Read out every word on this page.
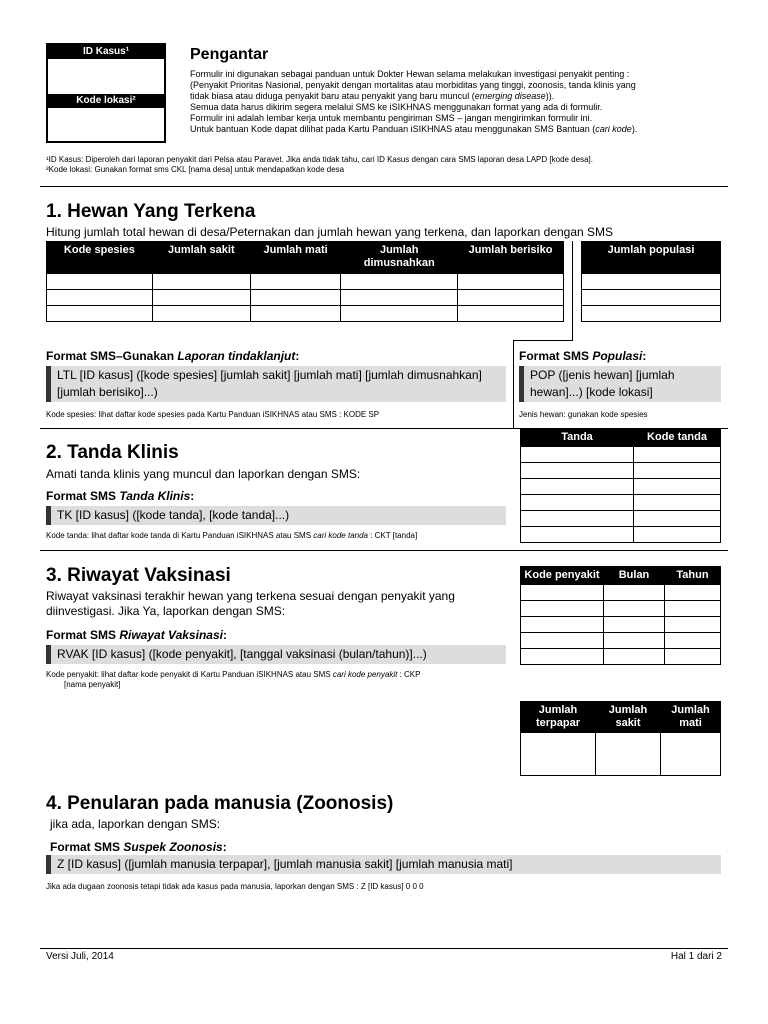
ID Kasus¹
Kode lokasi²
Pengantar
Formulir ini digunakan sebagai panduan untuk Dokter Hewan selama melakukan investigasi penyakit penting :
(Penyakit Prioritas Nasional, penyakit dengan mortalitas atau morbiditas yang tinggi, zoonosis, tanda klinis yang
tidak biasa atau diduga penyakit baru atau penyakit yang baru muncul (emerging disease)).
Semua data harus dikirim segera melalui SMS ke iSIKHNAS menggunakan format yang ada di formulir.
Formulir ini adalah lembar kerja untuk membantu pengiriman SMS – jangan mengirimkan formulir ini.
Untuk bantuan Kode dapat dilihat pada Kartu Panduan iSIKHNAS atau menggunakan SMS Bantuan (cari kode).
¹ID Kasus: Diperoleh dari laporan penyakit dari Pelsa atau Paravet. Jika anda tidak tahu, cari ID Kasus dengan cara SMS laporan desa LAPD [kode desa].
²Kode lokasi: Gunakan format sms CKL [nama desa] untuk mendapatkan kode desa
1. Hewan Yang Terkena
Hitung jumlah total hewan di desa/Peternakan dan jumlah hewan yang terkena, dan laporkan dengan SMS
Kode spesies	Jumlah sakit	Jumlah mati	Jumlah dimusnahkan	Jumlah berisiko

					Jumlah populasi

Format SMS–Gunakan Laporan tindaklanjut:
LTL [ID kasus] ([kode spesies] [jumlah sakit] [jumlah mati] [jumlah dimusnahkan] [jumlah berisiko]...)
Kode spesies: lihat daftar kode spesies pada Kartu Panduan iSIKHNAS atau SMS : KODE SP
Format SMS Populasi:
POP ([jenis hewan] [jumlah hewan]...) [kode lokasi]
Jenis hewan: gunakan kode spesies
2. Tanda Klinis
Amati tanda klinis yang muncul dan laporkan dengan SMS:
Format SMS Tanda Klinis:
TK [ID kasus] ([kode tanda], [kode tanda]...)
Kode tanda: lihat daftar kode tanda di Kartu Panduan iSIKHNAS atau SMS cari kode tanda : CKT [tanda]
Tanda	Kode tanda

3. Riwayat Vaksinasi
Riwayat vaksinasi terakhir hewan yang terkena sesuai dengan penyakit yang
diinvestigasi. Jika Ya, laporkan dengan SMS:
Format SMS Riwayat Vaksinasi:
RVAK [ID kasus] ([kode penyakit], [tanggal vaksinasi (bulan/tahun)]...)
Kode penyakit: lihat daftar kode penyakit di Kartu Panduan iSIKHNAS atau SMS cari kode penyakit : CKP
[nama penyakit]
Kode penyakit	Bulan	Tahun

Jumlah terpapar	Jumlah sakit	Jumlah mati

4. Penularan pada manusia (Zoonosis)
jika ada, laporkan dengan SMS:
Format SMS Suspek Zoonosis:
Z [ID kasus] ([jumlah manusia terpapar], [jumlah manusia sakit] [jumlah manusia mati]
Jika ada dugaan zoonosis tetapi tidak ada kasus pada manusia, laporkan dengan SMS : Z [ID kasus] 0 0 0
Versi Juli, 2014	Hal 1 dari 2
